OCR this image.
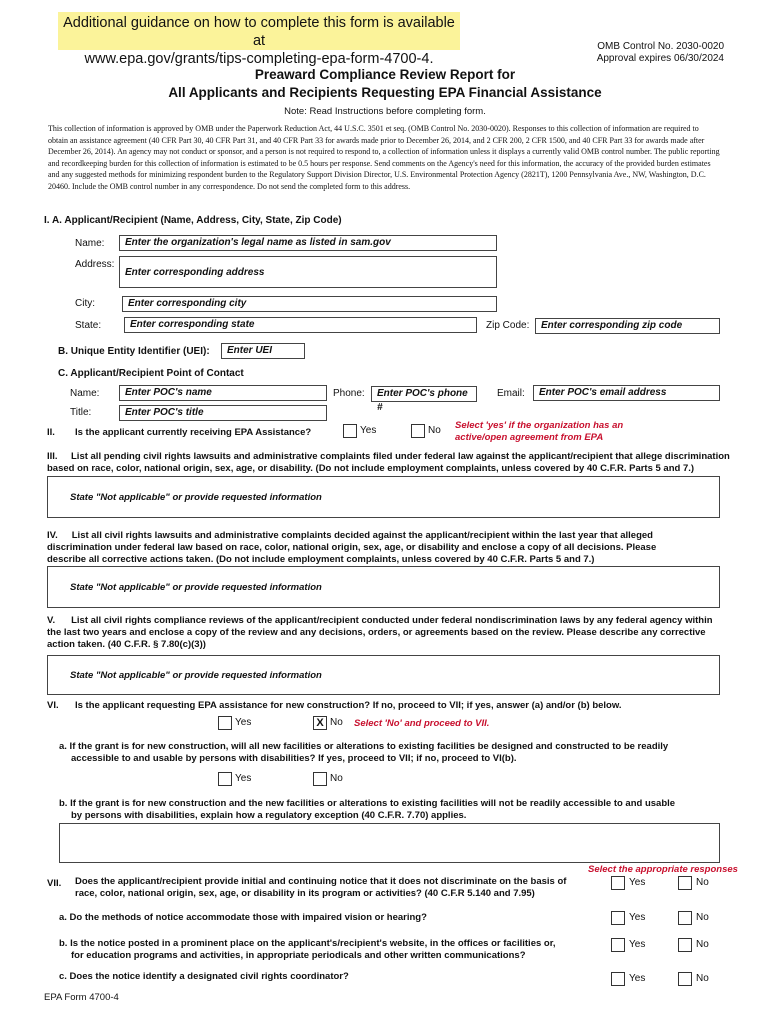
Additional guidance on how to complete this form is available at
www.epa.gov/grants/tips-completing-epa-form-4700-4.
OMB Control No. 2030-0020
Approval expires 06/30/2024
Preaward Compliance Review Report for
All Applicants and Recipients Requesting EPA Financial Assistance
Note: Read Instructions before completing form.
This collection of information is approved by OMB under the Paperwork Reduction Act, 44 U.S.C. 3501 et seq. (OMB Control No. 2030-0020). Responses to this collection of information are required to obtain an assistance agreement (40 CFR Part 30, 40 CFR Part 31, and 40 CFR Part 33 for awards made prior to December 26, 2014, and 2 CFR 200, 2 CFR 1500, and 40 CFR Part 33 for awards made after December 26, 2014). An agency may not conduct or sponsor, and a person is not required to respond to, a collection of information unless it displays a currently valid OMB control number. The public reporting and recordkeeping burden for this collection of information is estimated to be 0.5 hours per response. Send comments on the Agency's need for this information, the accuracy of the provided burden estimates and any suggested methods for minimizing respondent burden to the Regulatory Support Division Director, U.S. Environmental Protection Agency (2821T), 1200 Pennsylvania Ave., NW, Washington, D.C. 20460. Include the OMB control number in any correspondence. Do not send the completed form to this address.
I. A. Applicant/Recipient (Name, Address, City, State, Zip Code)
Name:	Enter the organization's legal name as listed in sam.gov
Address:
Enter corresponding address
City:	Enter corresponding city
State:	Enter corresponding state	Zip Code:	Enter corresponding zip code
B. Unique Entity Identifier (UEI):	Enter UEI
C. Applicant/Recipient Point of Contact
Name:	Enter POC's name	Phone:	Enter POC's phone #
Email:	Enter POC's email address
Title:	Enter POC's title
II. Is the applicant currently receiving EPA Assistance?	Yes	No Select 'yes' if the organization has an
active/open agreement from EPA
III.	List all pending civil rights lawsuits and administrative complaints filed under federal law against the applicant/recipient that allege discrimination
based on race, color, national origin, sex, age, or disability. (Do not include employment complaints, unless covered by 40 C.F.R. Parts 5 and 7.)
State "Not applicable" or provide requested information
IV. List all civil rights lawsuits and administrative complaints decided against the applicant/recipient within the last year that alleged
discrimination under federal law based on race, color, national origin, sex, age, or disability and enclose a copy of all decisions. Please
describe all corrective actions taken. (Do not include employment complaints, unless covered by 40 C.F.R. Parts 5 and 7.)
State "Not applicable" or provide requested information
V. List all civil rights compliance reviews of the applicant/recipient conducted under federal nondiscrimination laws by any federal agency within
the last two years and enclose a copy of the review and any decisions, orders, or agreements based on the review. Please describe any corrective
action taken. (40 C.F.R. § 7.80(c)(3))
State "Not applicable" or provide requested information
VI. Is the applicant requesting EPA assistance for new construction? If no, proceed to VII; if yes, answer (a) and/or (b) below.
Yes	X No Select 'No' and proceed to VII.
a. If the grant is for new construction, will all new facilities or alterations to existing facilities be designed and constructed to be readily
accessible to and usable by persons with disabilities? If yes, proceed to VII; if no, proceed to VI(b).
Yes	No
b. If the grant is for new construction and the new facilities or alterations to existing facilities will not be readily accessible to and usable
by persons with disabilities, explain how a regulatory exception (40 C.F.R. 7.70) applies.
Select the appropriate responses
VII. Does the applicant/recipient provide initial and continuing notice that it does not discriminate on the basis of
race, color, national origin, sex, age, or disability in its program or activities? (40 C.F.R 5.140 and 7.95)
Yes	No
a. Do the methods of notice accommodate those with impaired vision or hearing?	Yes	No
b. Is the notice posted in a prominent place on the applicant's/recipient's website, in the offices or facilities or,
for education programs and activities, in appropriate periodicals and other written communications?
Yes	No
c. Does the notice identify a designated civil rights coordinator?	Yes	No
EPA Form 4700-4
